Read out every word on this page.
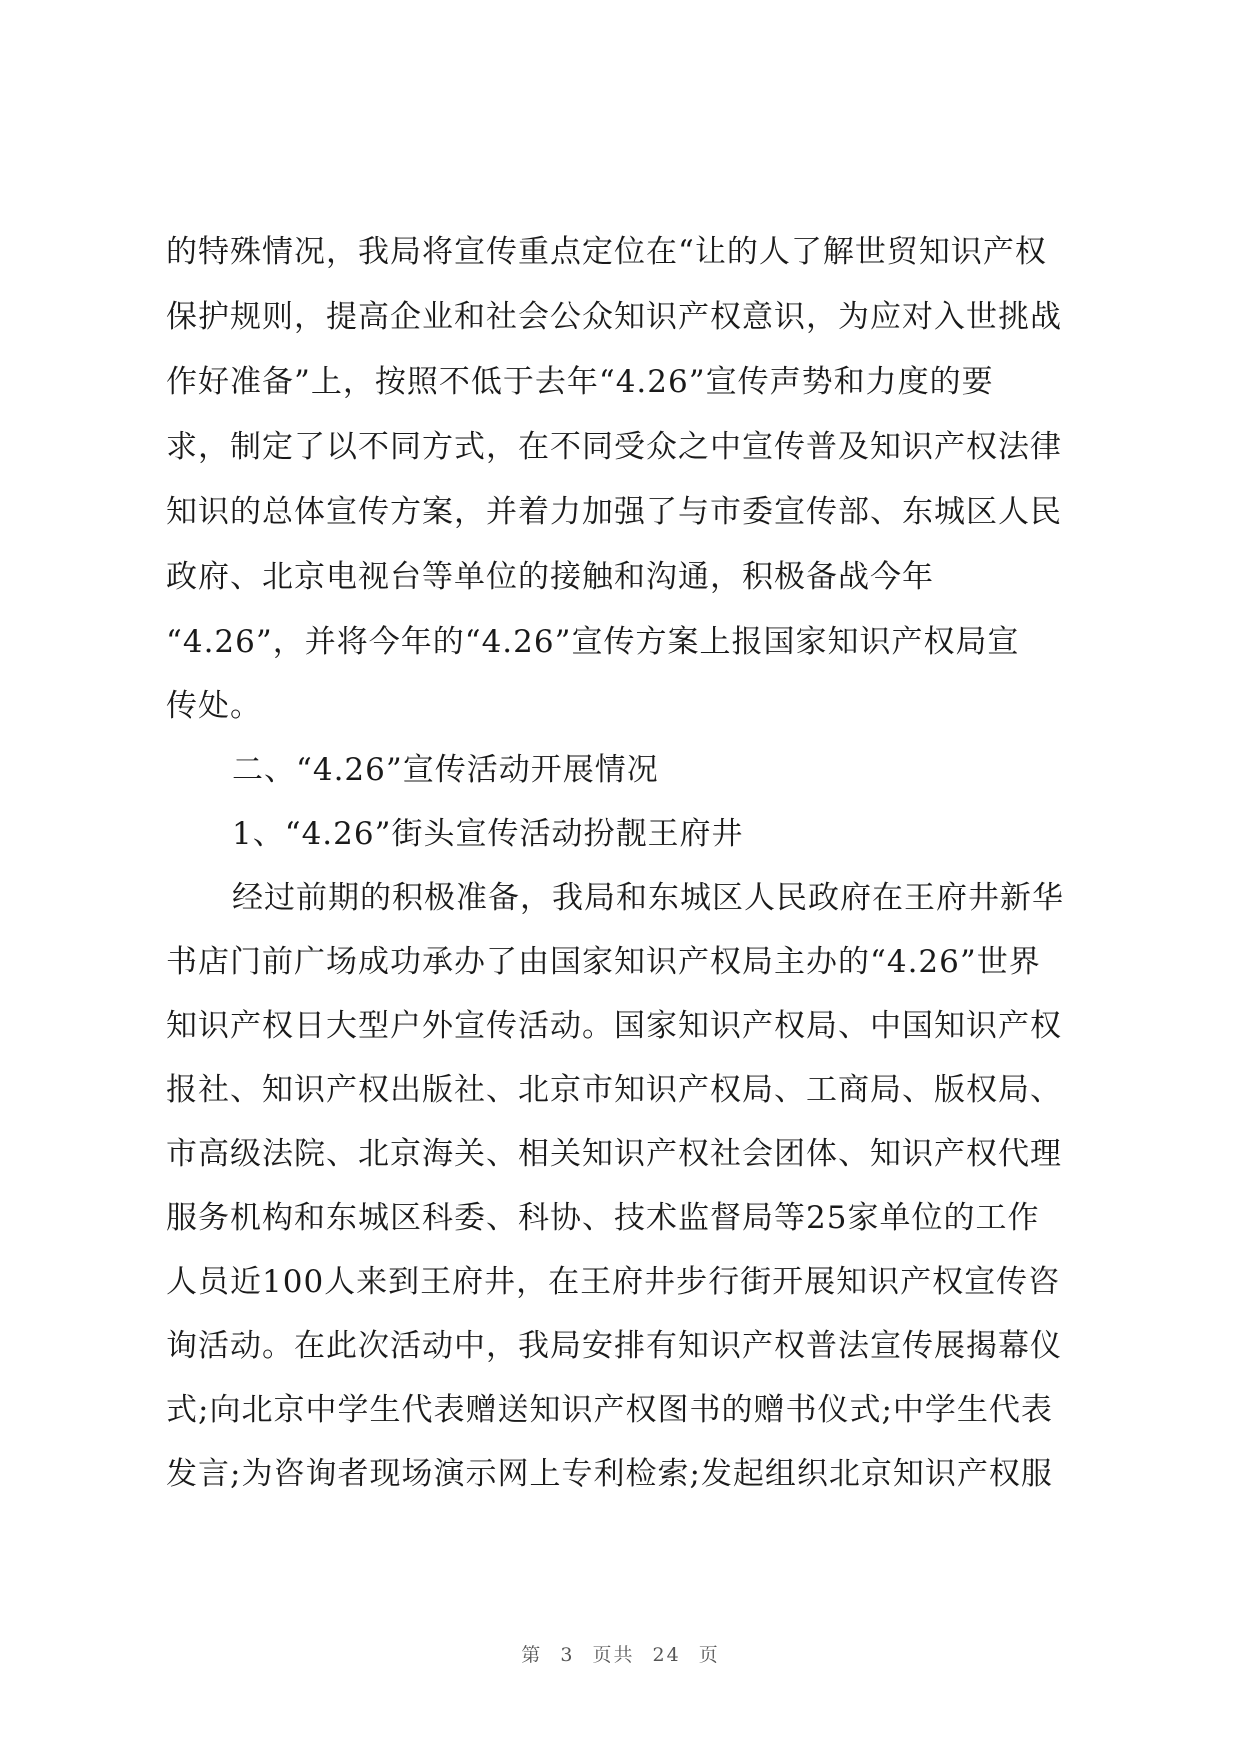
的特殊情况，我局将宣传重点定位在“让的人了解世贸知识产权
保护规则，提高企业和社会公众知识产权意识，为应对入世挑战
作好准备”上，按照不低于去年“4.26”宣传声势和力度的要
求，制定了以不同方式，在不同受众之中宣传普及知识产权法律
知识的总体宣传方案，并着力加强了与市委宣传部、东城区人民
政府、北京电视台等单位的接触和沟通，积极备战今年
“4.26”，并将今年的“4.26”宣传方案上报国家知识产权局宣
传处。
二、“4.26”宣传活动开展情况
1、“4.26”街头宣传活动扮靓王府井
经过前期的积极准备，我局和东城区人民政府在王府井新华
书店门前广场成功承办了由国家知识产权局主办的“4.26”世界
知识产权日大型户外宣传活动。国家知识产权局、中国知识产权
报社、知识产权出版社、北京市知识产权局、工商局、版权局、
市高级法院、北京海关、相关知识产权社会团体、知识产权代理
服务机构和东城区科委、科协、技术监督局等25家单位的工作
人员近100人来到王府井，在王府井步行街开展知识产权宣传咨
询活动。在此次活动中，我局安排有知识产权普法宣传展揭幕仪
式;向北京中学生代表赠送知识产权图书的赠书仪式;中学生代表
发言;为咨询者现场演示网上专利检索;发起组织北京知识产权服
第 3 页共 24 页
